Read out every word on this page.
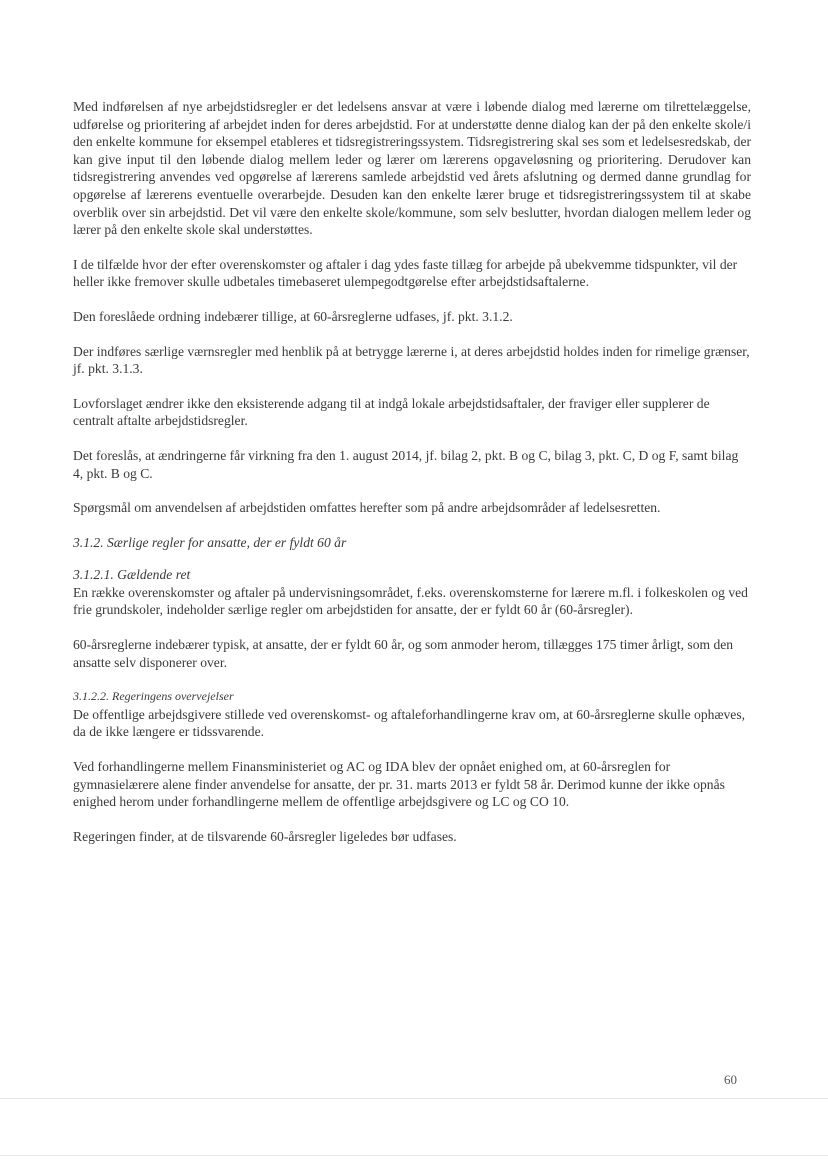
Med indførelsen af nye arbejdstidsregler er det ledelsens ansvar at være i løbende dialog med lærerne om tilrettelæggelse, udførelse og prioritering af arbejdet inden for deres arbejdstid. For at understøtte denne dialog kan der på den enkelte skole/i den enkelte kommune for eksempel etableres et tidsregistreringssystem. Tidsregistrering skal ses som et ledelsesredskab, der kan give input til den løbende dialog mellem leder og lærer om lærerens opgaveløsning og prioritering. Derudover kan tidsregistrering anvendes ved opgørelse af lærerens samlede arbejdstid ved årets afslutning og dermed danne grundlag for opgørelse af lærerens eventuelle overarbejde. Desuden kan den enkelte lærer bruge et tidsregistreringssystem til at skabe overblik over sin arbejdstid. Det vil være den enkelte skole/kommune, som selv beslutter, hvordan dialogen mellem leder og lærer på den enkelte skole skal understøttes.

I de tilfælde hvor der efter overenskomster og aftaler i dag ydes faste tillæg for arbejde på ubekvemme tidspunkter, vil der heller ikke fremover skulle udbetales timebaseret ulempegodtgørelse efter arbejdstidsaftalerne.

Den foreslåede ordning indebærer tillige, at 60-årsreglerne udfases, jf. pkt. 3.1.2.

Der indføres særlige værnsregler med henblik på at betrygge lærerne i, at deres arbejdstid holdes inden for rimelige grænser, jf. pkt. 3.1.3.

Lovforslaget ændrer ikke den eksisterende adgang til at indgå lokale arbejdstidsaftaler, der fraviger eller supplerer de centralt aftalte arbejdstidsregler.

Det foreslås, at ændringerne får virkning fra den 1. august 2014, jf. bilag 2, pkt. B og C, bilag 3, pkt. C, D og F, samt bilag 4, pkt. B og C.

Spørgsmål om anvendelsen af arbejdstiden omfattes herefter som på andre arbejdsområder af ledelsesretten.

3.1.2. Særlige regler for ansatte, der er fyldt 60 år

3.1.2.1. Gældende ret

En række overenskomster og aftaler på undervisningsområdet, f.eks. overenskomsterne for lærere m.fl. i folkeskolen og ved frie grundskoler, indeholder særlige regler om arbejdstiden for ansatte, der er fyldt 60 år (60-årsregler).

60-årsreglerne indebærer typisk, at ansatte, der er fyldt 60 år, og som anmoder herom, tillægges 175 timer årligt, som den ansatte selv disponerer over.

3.1.2.2. Regeringens overvejelser

De offentlige arbejdsgivere stillede ved overenskomst- og aftaleforhandlingerne krav om, at 60-årsreglerne skulle ophæves, da de ikke længere er tidssvarende.

Ved forhandlingerne mellem Finansministeriet og AC og IDA blev der opnået enighed om, at 60-årsreglen for gymnasielærere alene finder anvendelse for ansatte, der pr. 31. marts 2013 er fyldt 58 år. Derimod kunne der ikke opnås enighed herom under forhandlingerne mellem de offentlige arbejdsgivere og LC og CO 10.

Regeringen finder, at de tilsvarende 60-årsregler ligeledes bør udfases.

60
